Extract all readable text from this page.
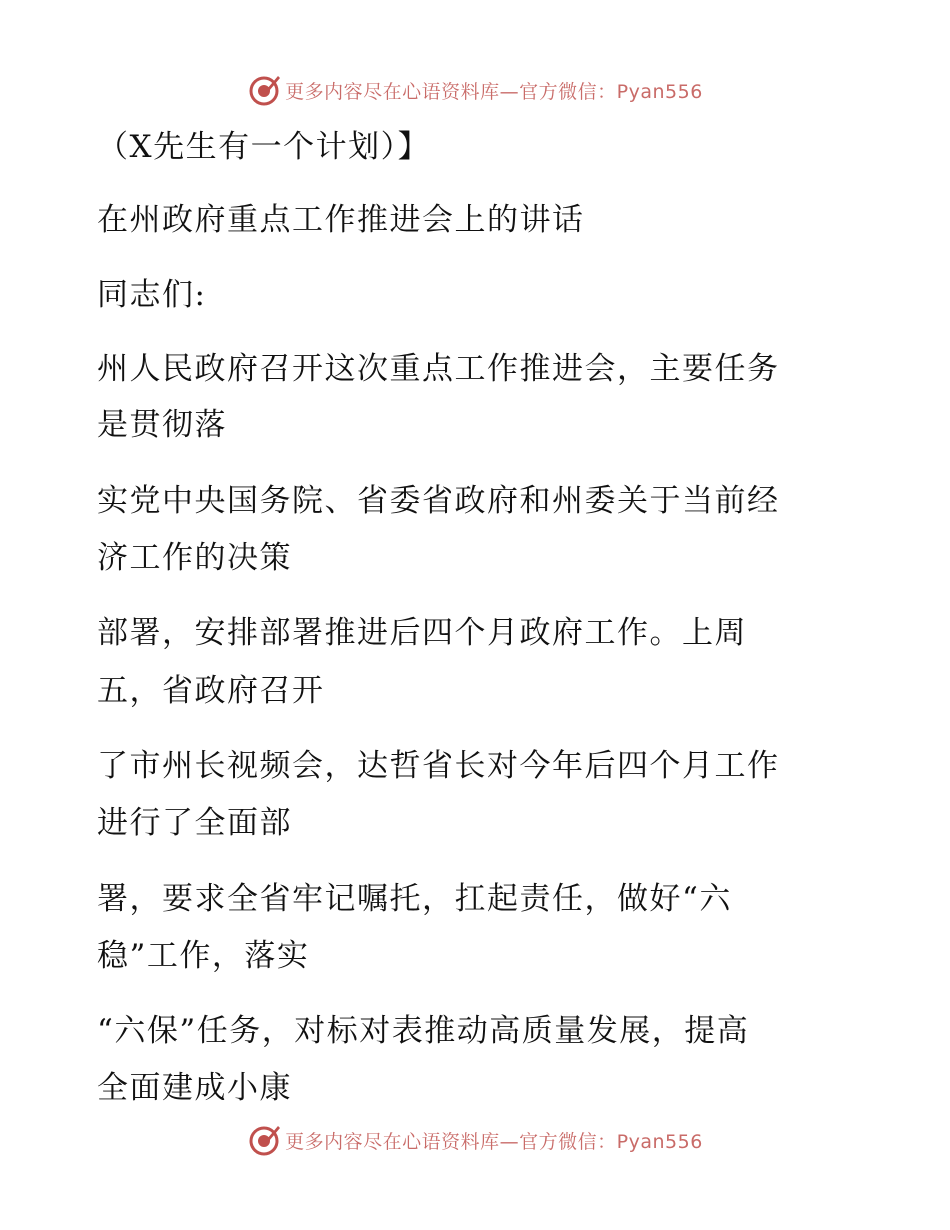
更多内容尽在心语资料库—官方微信：Pyan556
（X先生有一个计划）】
在州政府重点工作推进会上的讲话
同志们:
州人民政府召开这次重点工作推进会，主要任务
是贯彻落
实党中央国务院、省委省政府和州委关于当前经
济工作的决策
部署，安排部署推进后四个月政府工作。上周
五，省政府召开
了市州长视频会，达哲省长对今年后四个月工作
进行了全面部
署，要求全省牢记嘱托，扛起责任，做好“六
稳”工作，落实
“六保”任务，对标对表推动高质量发展，提高
全面建成小康
更多内容尽在心语资料库—官方微信：Pyan556
